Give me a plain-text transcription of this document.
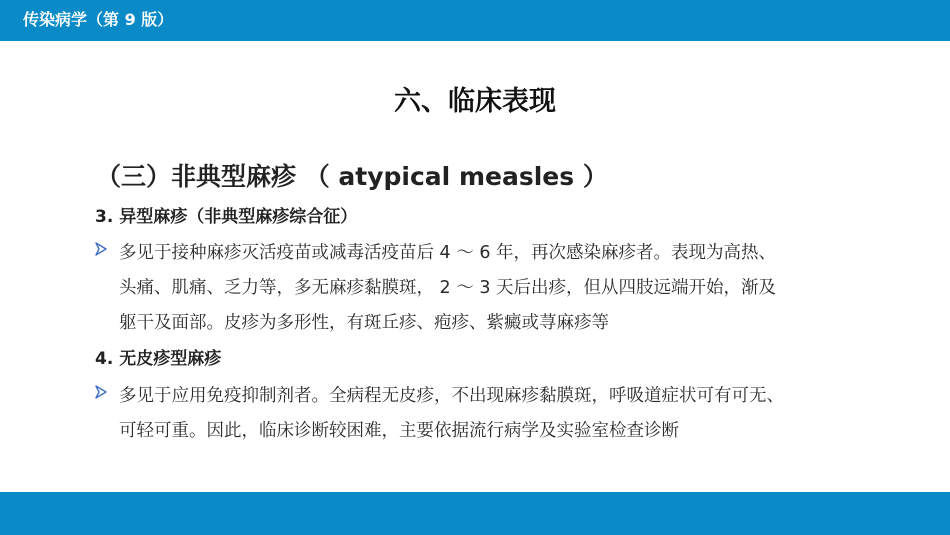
传染病学（第 9 版）
六、临床表现
（三）非典型麻疹 （ atypical measles ）
3. 异型麻疹（非典型麻疹综合征）
多见于接种麻疹灭活疫苗或减毒活疫苗后 4 ～ 6 年，再次感染麻疹者。表现为高热、
头痛、肌痛、乏力等，多无麻疹黏膜斑， 2 ～ 3 天后出疹，但从四肢远端开始，渐及
躯干及面部。皮疹为多形性，有斑丘疹、疱疹、紫癜或荨麻疹等
4. 无皮疹型麻疹
多见于应用免疫抑制剂者。全病程无皮疹，不出现麻疹黏膜斑，呼吸道症状可有可无、
可轻可重。因此，临床诊断较困难，主要依据流行病学及实验室检查诊断
